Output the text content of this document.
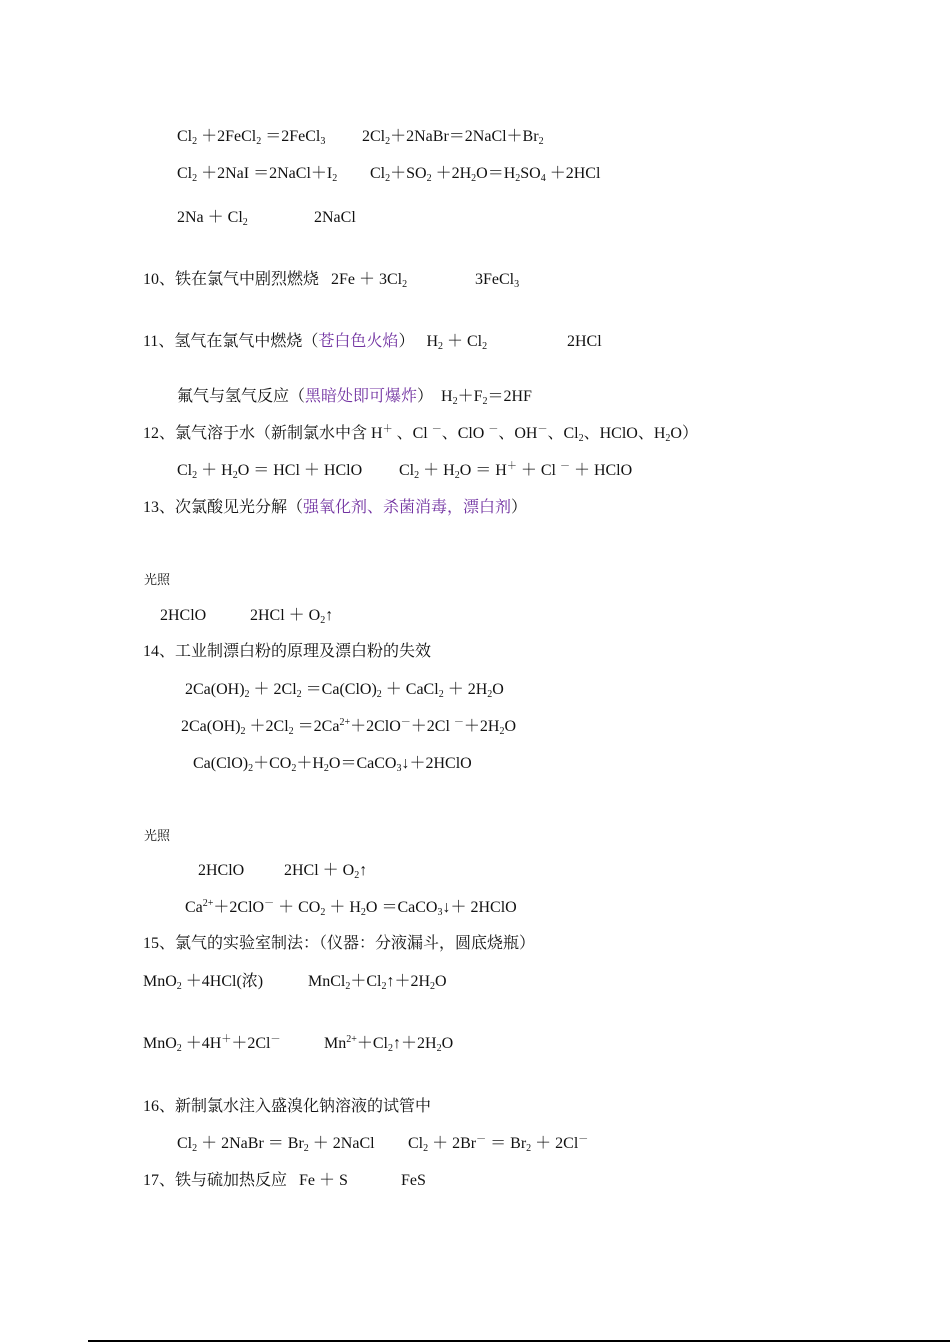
$Cl_2$ ＋2FeCl$_2$ ＝2FeCl$_3$ $2Cl_2+2NaBr=2NaCl+Br_2$
$Cl_2 +2NaI$ $=2NaCl+I_2$ $Cl_2+SO_2 +2H_2O=H_2SO_4 +2HCl$
$2Na + Cl_2$	2NaCl
10、铁在氯气中剧烈燃烧   $2Fe + 3Cl_2$	3FeCl$_3$
11、氢气在氯气中燃烧（苍白色火焰）   $H_2 + Cl_2$	2HCl
氟气与氢气反应（黑暗处即可爆炸）  $H_2+F_2=2HF$
12、氯气溶于水（新制氯水中含 H＋ 、Cl －、ClO －、OH－、$Cl_2$、HClO、$H_2O$）
$Cl_2 + H_2O$ ＝ HCl ＋ HClO $Cl_2 + H_2O = H^+ + Cl$ － ＋ HClO
13、次氯酸见光分解（强氧化剂、杀菌消毒，漂白剂）
光照
2HClO	$2HCl + O_2↑$
14、工业制漂白粉的原理及漂白粉的失效
$2Ca(OH)_2 + 2Cl_2 =Ca(ClO)_2$ ＋ CaCl$_2$ ＋ $2H_2O$
$2Ca(OH)_2 +2Cl_2 =2Ca^{2+}+2ClO^-+2Cl$ $^-+2H_2O$
$Ca(ClO)_2+CO_2+H_2O=CaCO_3↓+2HClO$
光照
2HClO $2HCl + O_2↑$
$Ca^{2+}+2ClO^- + CO_2 + H_2O$ ＝CaCO$_3$↓＋ 2HClO
15、氯气的实验室制法：（仪器：分液漏斗，圆底烧瓶）
MnO$_2$ ＋4HCl(浓)	$MnCl_2+Cl_2↑+2H_2O$
MnO$_2$ ＋4H＋＋2Cl－	$Mn^{2+}+Cl_2↑+2H_2O$
16、新制氯水注入盛溴化钠溶液的试管中
$Cl_2$ ＋ 2NaBr ＝ $Br_2$ ＋ 2NaCl $Cl_2 + 2Br^- = Br_2 + 2Cl^-$
17、铁与硫加热反应   Fe ＋ S	FeS
